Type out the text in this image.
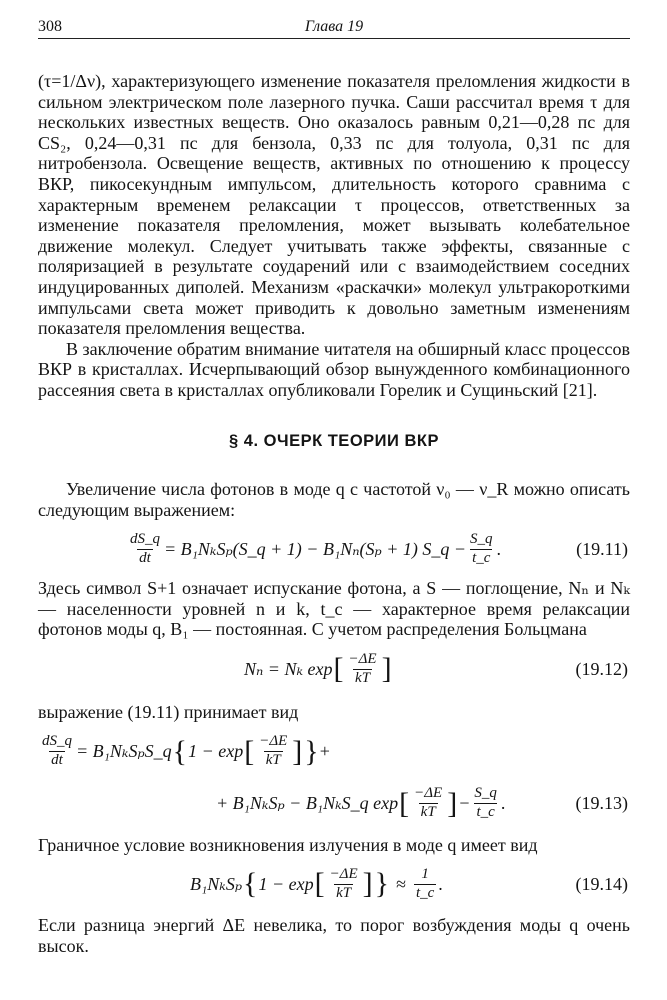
308	Глава 19

(τ=1/Δν), характеризующего изменение показателя преломления жидкости в сильном электрическом поле лазерного пучка. Саши рассчитал время τ для нескольких известных веществ. Оно оказалось равным 0,21—0,28 пс для CS₂, 0,24—0,31 пс для бензола, 0,33 пс для толуола, 0,31 пс для нитробензола. Освещение веществ, активных по отношению к процессу ВКР, пикосекундным импульсом, длительность которого сравнима с характерным временем релаксации τ процессов, ответственных за изменение показателя преломления, может вызывать колебательное движение молекул. Следует учитывать также эффекты, связанные с поляризацией в результате соударений или с взаимодействием соседних индуцированных диполей. Механизм «раскачки» молекул ультракороткими импульсами света может приводить к довольно заметным изменениям показателя преломления вещества.

В заключение обратим внимание читателя на обширный класс процессов ВКР в кристаллах. Исчерпывающий обзор вынужденного комбинационного рассеяния света в кристаллах опубликовали Горелик и Сущиньский [21].

§ 4. ОЧЕРК ТЕОРИИ ВКР

Увеличение числа фотонов в моде q с частотой ν₀ — ν_R можно описать следующим выражением:

$\frac{dS\_q}{dt}$ = B₁NₖSₚ(S_q + 1) − B₁Nₙ(Sₚ + 1) S_q − $\frac{S\_q}{t\_c}$ .	(19.11)

Здесь символ S+1 означает испускание фотона, а S — поглощение, Nₙ и Nₖ — населенности уровней n и k, t_c — характерное время релаксации фотонов моды q, B₁ — постоянная. С учетом распределения Больцмана

Nₙ = Nₖ exp [ $\frac{-\Delta E}{kT}$ ]	(19.12)

выражение (19.11) принимает вид

$\frac{dS\_q}{dt}$ = B₁NₖSₚS_q { 1 − exp [ $\frac{-\Delta E}{kT}$ ] } +
+ B₁NₖSₚ − B₁NₖS_q exp [ $\frac{-\Delta E}{kT}$ ] − $\frac{S\_q}{t\_c}$ .	(19.13)

Граничное условие возникновения излучения в моде q имеет вид

B₁NₖSₚ { 1 − exp [ $\frac{-\Delta E}{kT}$ ] } ≈ $\frac{1}{t\_c}$ .	(19.14)

Если разница энергий ΔE невелика, то порог возбуждения моды q очень высок.
